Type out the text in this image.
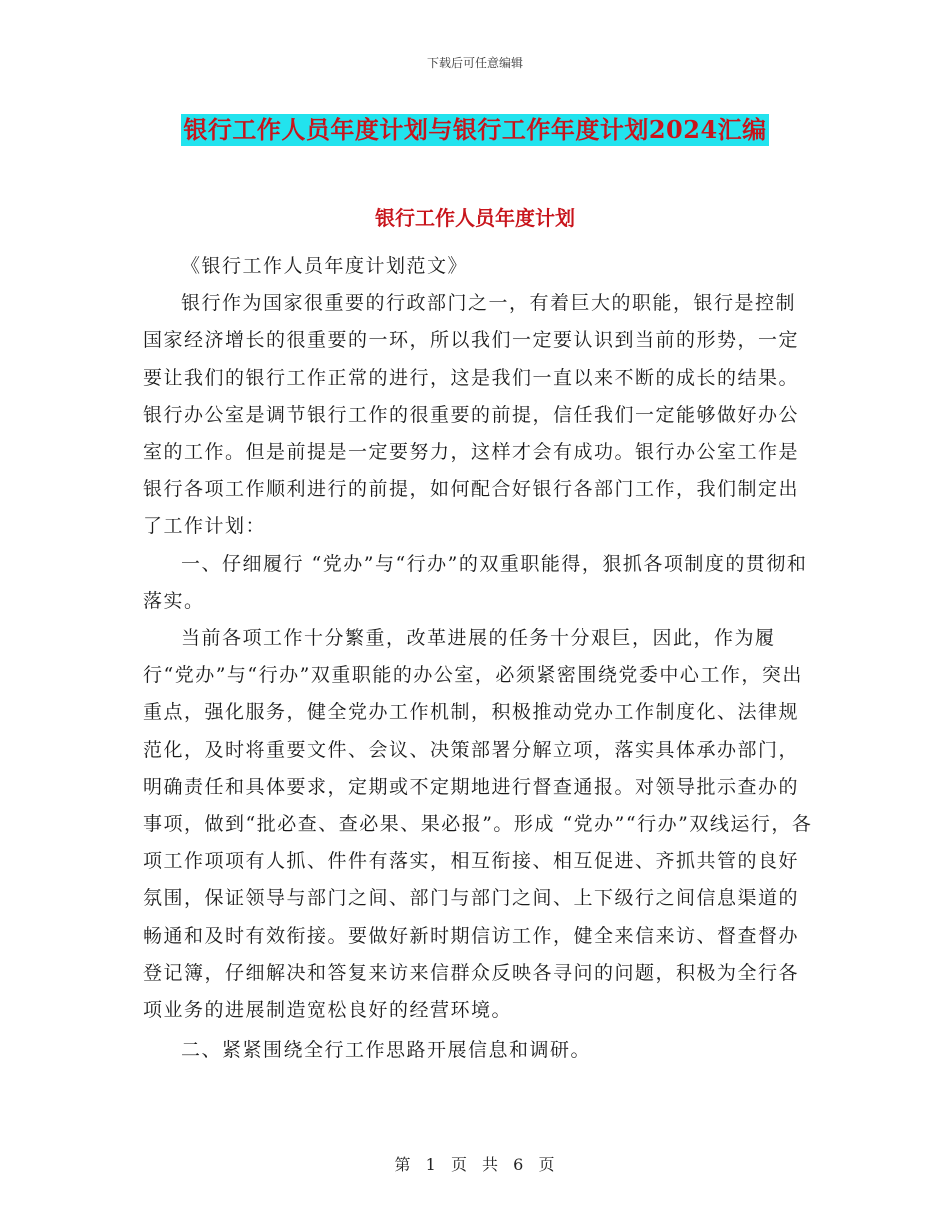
下载后可任意编辑
银行工作人员年度计划与银行工作年度计划2024汇编
银行工作人员年度计划

《银行工作人员年度计划范文》

银行作为国家很重要的行政部门之一，有着巨大的职能，银行是控制国家经济增长的很重要的一环，所以我们一定要认识到当前的形势，一定要让我们的银行工作正常的进行，这是我们一直以来不断的成长的结果。银行办公室是调节银行工作的很重要的前提，信任我们一定能够做好办公室的工作。但是前提是一定要努力，这样才会有成功。银行办公室工作是银行各项工作顺利进行的前提，如何配合好银行各部门工作，我们制定出了工作计划：

一、仔细履行 “党办”与“行办”的双重职能得，狠抓各项制度的贯彻和落实。

当前各项工作十分繁重，改革进展的任务十分艰巨，因此，作为履行“党办”与“行办”双重职能的办公室，必须紧密围绕党委中心工作，突出重点，强化服务，健全党办工作机制，积极推动党办工作制度化、法律规范化，及时将重要文件、会议、决策部署分解立项，落实具体承办部门，明确责任和具体要求，定期或不定期地进行督查通报。对领导批示查办的事项，做到“批必查、查必果、果必报”。形成 “党办”“行办”双线运行，各项工作项项有人抓、件件有落实，相互衔接、相互促进、齐抓共管的良好氛围，保证领导与部门之间、部门与部门之间、上下级行之间信息渠道的畅通和及时有效衔接。要做好新时期信访工作，健全来信来访、督查督办登记簿，仔细解决和答复来访来信群众反映各寻问的问题，积极为全行各项业务的进展制造宽松良好的经营环境。

二、紧紧围绕全行工作思路开展信息和调研。

第 1 页 共 6 页
